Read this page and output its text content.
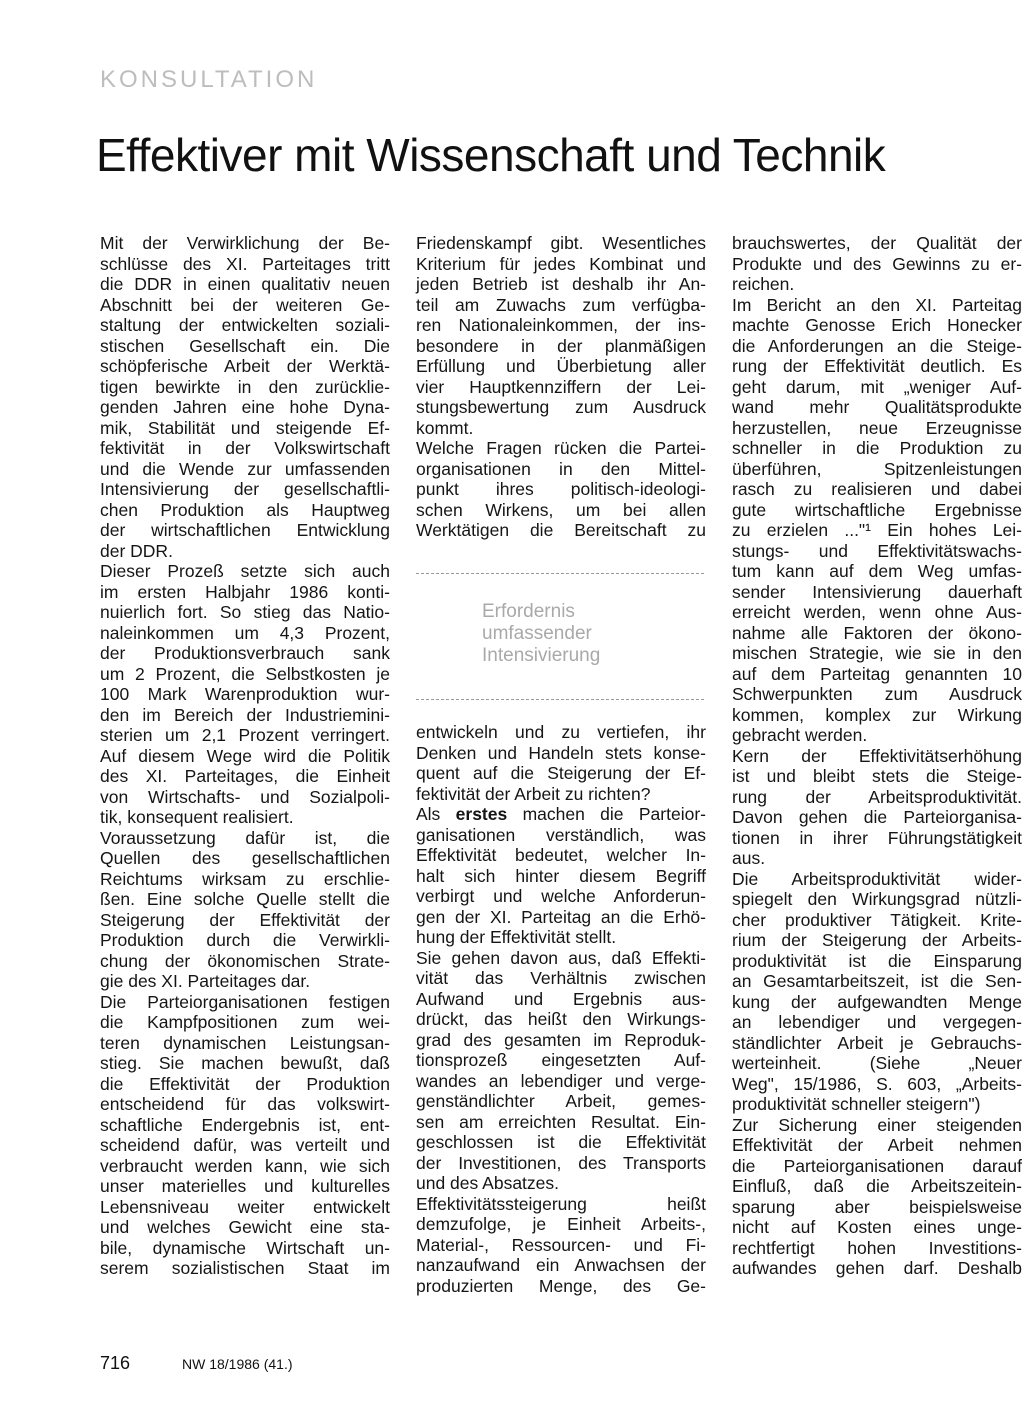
KONSULTATION
Effektiver mit Wissenschaft und Technik
Mit der Verwirklichung der Be-
schlüsse des XI. Parteitages tritt
die DDR in einen qualitativ neuen
Abschnitt bei der weiteren Ge-
staltung der entwickelten soziali-
stischen Gesellschaft ein. Die
schöpferische Arbeit der Werktä-
tigen bewirkte in den zurücklie-
genden Jahren eine hohe Dyna-
mik, Stabilität und steigende Ef-
fektivität in der Volkswirtschaft
und die Wende zur umfassenden
Intensivierung der gesellschaftli-
chen Produktion als Hauptweg
der wirtschaftlichen Entwicklung
der DDR.
Dieser Prozeß setzte sich auch
im ersten Halbjahr 1986 konti-
nuierlich fort. So stieg das Natio-
naleinkommen um 4,3 Prozent,
der Produktionsverbrauch sank
um 2 Prozent, die Selbstkosten je
100 Mark Warenproduktion wur-
den im Bereich der Industriemini-
sterien um 2,1 Prozent verringert.
Auf diesem Wege wird die Politik
des XI. Parteitages, die Einheit
von Wirtschafts- und Sozialpoli-
tik, konsequent realisiert.
Voraussetzung dafür ist, die
Quellen des gesellschaftlichen
Reichtums wirksam zu erschlie-
ßen. Eine solche Quelle stellt die
Steigerung der Effektivität der
Produktion durch die Verwirkli-
chung der ökonomischen Strate-
gie des XI. Parteitages dar.
Die Parteiorganisationen festigen
die Kampfpositionen zum wei-
teren dynamischen Leistungsan-
stieg. Sie machen bewußt, daß
die Effektivität der Produktion
entscheidend für das volkswirt-
schaftliche Endergebnis ist, ent-
scheidend dafür, was verteilt und
verbraucht werden kann, wie sich
unser materielles und kulturelles
Lebensniveau weiter entwickelt
und welches Gewicht eine sta-
bile, dynamische Wirtschaft un-
serem sozialistischen Staat im
Friedenskampf gibt. Wesentliches
Kriterium für jedes Kombinat und
jeden Betrieb ist deshalb ihr An-
teil am Zuwachs zum verfügba-
ren Nationaleinkommen, der ins-
besondere in der planmäßigen
Erfüllung und Überbietung aller
vier Hauptkennziffern der Lei-
stungsbewertung zum Ausdruck
kommt.
Welche Fragen rücken die Partei-
organisationen in den Mittel-
punkt ihres politisch-ideologi-
schen Wirkens, um bei allen
Werktätigen die Bereitschaft zu
Erfordernis
umfassender
Intensivierung
entwickeln und zu vertiefen, ihr
Denken und Handeln stets konse-
quent auf die Steigerung der Ef-
fektivität der Arbeit zu richten?
Als erstes machen die Parteior-
ganisationen verständlich, was
Effektivität bedeutet, welcher In-
halt sich hinter diesem Begriff
verbirgt und welche Anforderun-
gen der XI. Parteitag an die Erhö-
hung der Effektivität stellt.
Sie gehen davon aus, daß Effekti-
vität das Verhältnis zwischen
Aufwand und Ergebnis aus-
drückt, das heißt den Wirkungs-
grad des gesamten im Reproduk-
tionsprozeß eingesetzten Auf-
wandes an lebendiger und verge-
genständlichter Arbeit, gemes-
sen am erreichten Resultat. Ein-
geschlossen ist die Effektivität
der Investitionen, des Transports
und des Absatzes.
Effektivitätssteigerung heißt
demzufolge, je Einheit Arbeits-,
Material-, Ressourcen- und Fi-
nanzaufwand ein Anwachsen der
produzierten Menge, des Ge-
brauchswertes, der Qualität der
Produkte und des Gewinns zu er-
reichen.
Im Bericht an den XI. Parteitag
machte Genosse Erich Honecker
die Anforderungen an die Steige-
rung der Effektivität deutlich. Es
geht darum, mit „weniger Auf-
wand mehr Qualitätsprodukte
herzustellen, neue Erzeugnisse
schneller in die Produktion zu
überführen, Spitzenleistungen
rasch zu realisieren und dabei
gute wirtschaftliche Ergebnisse
zu erzielen ..."¹ Ein hohes Lei-
stungs- und Effektivitätswachs-
tum kann auf dem Weg umfas-
sender Intensivierung dauerhaft
erreicht werden, wenn ohne Aus-
nahme alle Faktoren der ökono-
mischen Strategie, wie sie in den
auf dem Parteitag genannten 10
Schwerpunkten zum Ausdruck
kommen, komplex zur Wirkung
gebracht werden.
Kern der Effektivitätserhöhung
ist und bleibt stets die Steige-
rung der Arbeitsproduktivität.
Davon gehen die Parteiorganisa-
tionen in ihrer Führungstätigkeit
aus.
Die Arbeitsproduktivität wider-
spiegelt den Wirkungsgrad nützli-
cher produktiver Tätigkeit. Krite-
rium der Steigerung der Arbeits-
produktivität ist die Einsparung
an Gesamtarbeitszeit, ist die Sen-
kung der aufgewandten Menge
an lebendiger und vergegen-
ständlichter Arbeit je Gebrauchs-
werteinheit. (Siehe „Neuer
Weg", 15/1986, S. 603, „Arbeits-
produktivität schneller steigern")
Zur Sicherung einer steigenden
Effektivität der Arbeit nehmen
die Parteiorganisationen darauf
Einfluß, daß die Arbeitszeitein-
sparung aber beispielsweise
nicht auf Kosten eines unge-
rechtfertigt hohen Investitions-
aufwandes gehen darf. Deshalb
716	NW 18/1986 (41.)
